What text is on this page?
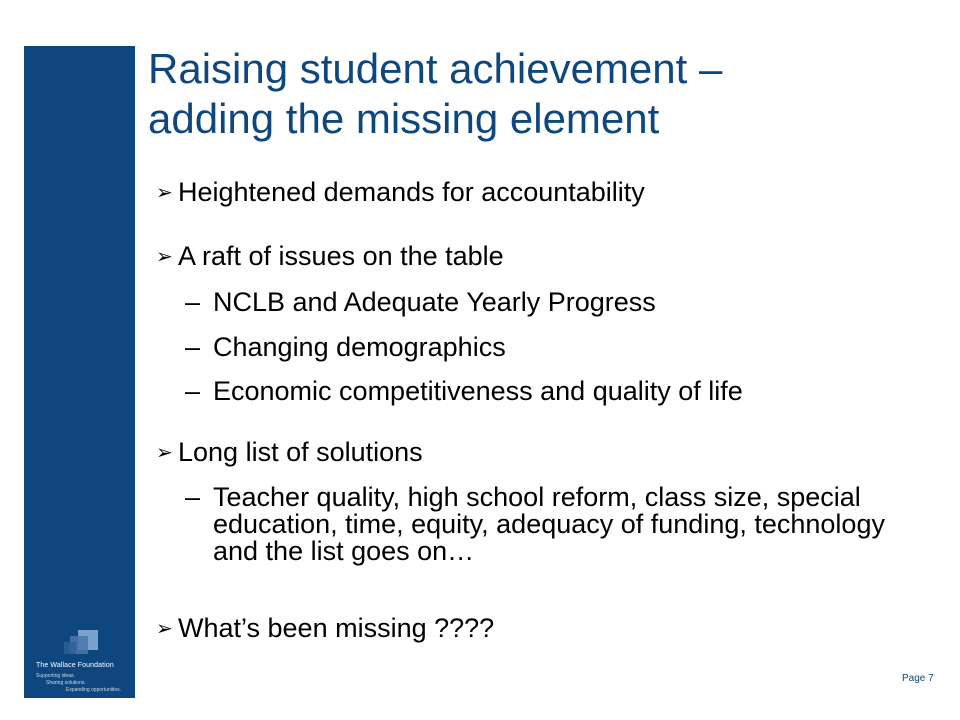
The Wallace Foundation
Supporting ideas.
Sharing solutions.
Expanding opportunities.
Raising student achievement –
adding the missing element
➢ Heightened demands for accountability
➢ A raft of issues on the table
– NCLB and Adequate Yearly Progress
– Changing demographics
– Economic competitiveness and quality of life
➢ Long list of solutions
– Teacher quality, high school reform, class size, special education, time, equity, adequacy of funding, technology and the list goes on…
➢ What’s been missing ????
Page 7
